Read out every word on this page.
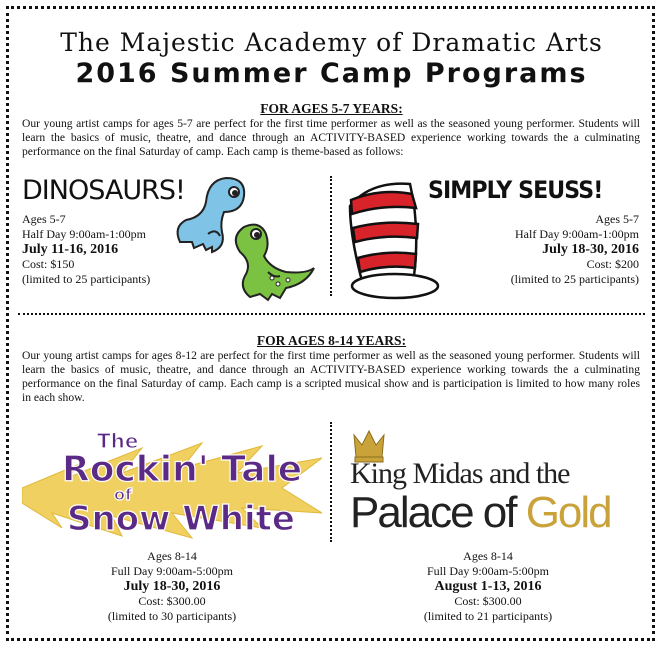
The Majestic Academy of Dramatic Arts
2016 Summer Camp Programs
FOR AGES 5-7 YEARS:
Our young artist camps for ages 5-7 are perfect for the first time performer as well as the seasoned young performer. Students will learn the basics of music, theatre, and dance through an ACTIVITY-BASED experience working towards the a culminating performance on the final Saturday of camp. Each camp is theme-based as follows:
DINOSAURS!
Ages 5-7
Half Day 9:00am-1:00pm
July 11-16, 2016
Cost: $150
(limited to 25 participants)
SIMPLY SEUSS!
Ages 5-7
Half Day 9:00am-1:00pm
July 18-30, 2016
Cost: $200
(limited to 25 participants)
FOR AGES 8-14 YEARS:
Our young artist camps for ages 8-12 are perfect for the first time performer as well as the seasoned young performer. Students will learn the basics of music, theatre, and dance through an ACTIVITY-BASED experience working towards the a culminating performance on the final Saturday of camp. Each camp is a scripted musical show and is participation is limited to how many roles in each show.
The
Rockin' Tale
of
Snow White
Ages 8-14
Full Day 9:00am-5:00pm
July 18-30, 2016
Cost: $300.00
(limited to 30 participants)
King Midas and the
Palace of Gold
Ages 8-14
Full Day 9:00am-5:00pm
August 1-13, 2016
Cost: $300.00
(limited to 21 participants)
